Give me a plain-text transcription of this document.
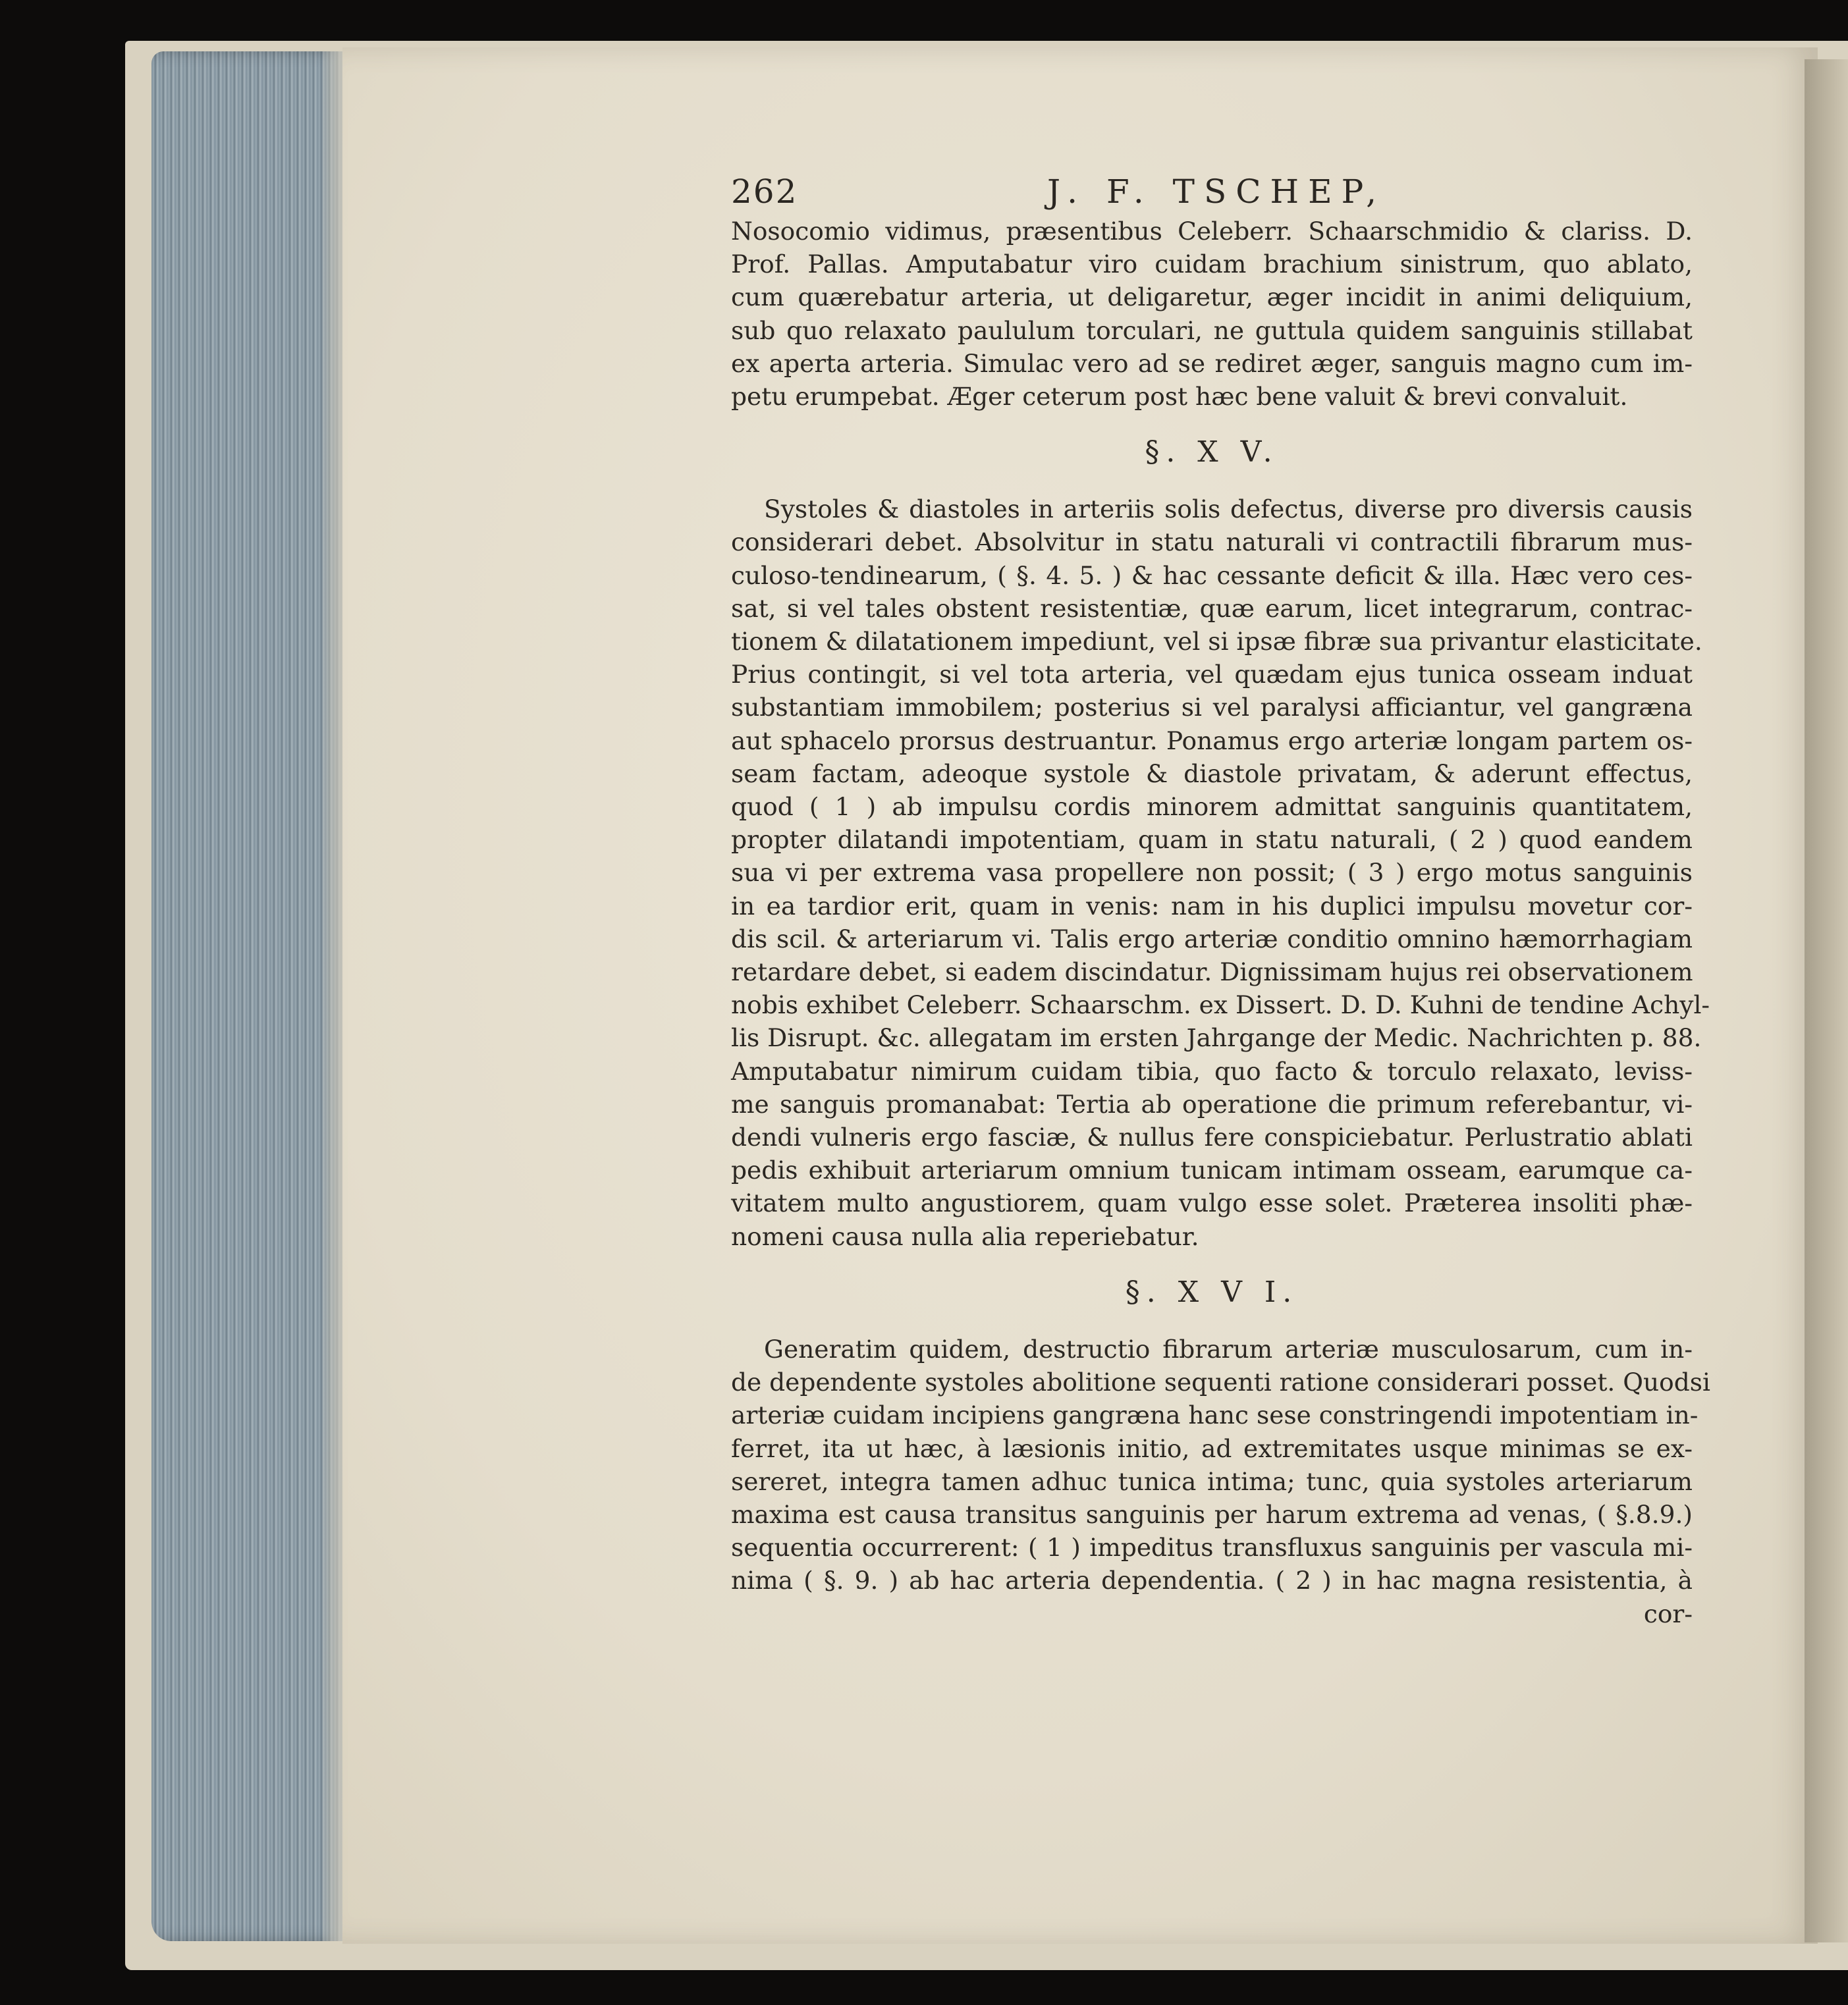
262	J. F. TSCHEP,

Nosocomio vidimus, præsentibus Celeberr. Schaarschmidio & clariss. D.
Prof. Pallas. Amputabatur viro cuidam brachium sinistrum, quo ablato,
cum quærebatur arteria, ut deligaretur, æger incidit in animi deliquium,
sub quo relaxato paululum torculari, ne guttula quidem sanguinis stillabat
ex aperta arteria. Simulac vero ad se rediret æger, sanguis magno cum im-
petu erumpebat. Æger ceterum post hæc bene valuit & brevi convaluit.

§. X V.

Systoles & diastoles in arteriis solis defectus, diverse pro diversis causis
considerari debet. Absolvitur in statu naturali vi contractili fibrarum mus-
culoso-tendinearum, ( §. 4. 5. ) & hac cessante deficit & illa. Hæc vero ces-
sat, si vel tales obstent resistentiæ, quæ earum, licet integrarum, contrac-
tionem & dilatationem impediunt, vel si ipsæ fibræ sua privantur elasticitate.
Prius contingit, si vel tota arteria, vel quædam ejus tunica osseam induat
substantiam immobilem; posterius si vel paralysi afficiantur, vel gangræna
aut sphacelo prorsus destruantur. Ponamus ergo arteriæ longam partem os-
seam factam, adeoque systole & diastole privatam, & aderunt effectus,
quod ( 1 ) ab impulsu cordis minorem admittat sanguinis quantitatem,
propter dilatandi impotentiam, quam in statu naturali, ( 2 ) quod eandem
sua vi per extrema vasa propellere non possit; ( 3 ) ergo motus sanguinis
in ea tardior erit, quam in venis: nam in his duplici impulsu movetur cor-
dis scil. & arteriarum vi. Talis ergo arteriæ conditio omnino hæmorrhagiam
retardare debet, si eadem discindatur. Dignissimam hujus rei observationem
nobis exhibet Celeberr. Schaarschm. ex Dissert. D. D. Kuhni de tendine Achyl-
lis Disrupt. &c. allegatam im ersten Jahrgange der Medic. Nachrichten p. 88.
Amputabatur nimirum cuidam tibia, quo facto & torculo relaxato, leviss-
me sanguis promanabat: Tertia ab operatione die primum referebantur, vi-
dendi vulneris ergo fasciæ, & nullus fere conspiciebatur. Perlustratio ablati
pedis exhibuit arteriarum omnium tunicam intimam osseam, earumque ca-
vitatem multo angustiorem, quam vulgo esse solet. Præterea insoliti phæ-
nomeni causa nulla alia reperiebatur.

§. X V I.

Generatim quidem, destructio fibrarum arteriæ musculosarum, cum in-
de dependente systoles abolitione sequenti ratione considerari posset. Quodsi
arteriæ cuidam incipiens gangræna hanc sese constringendi impotentiam in-
ferret, ita ut hæc, à læsionis initio, ad extremitates usque minimas se ex-
sereret, integra tamen adhuc tunica intima; tunc, quia systoles arteriarum
maxima est causa transitus sanguinis per harum extrema ad venas, ( §.8.9.)
sequentia occurrerent: ( 1 ) impeditus transfluxus sanguinis per vascula mi-
nima ( §. 9. ) ab hac arteria dependentia. ( 2 ) in hac magna resistentia, à

cor-
